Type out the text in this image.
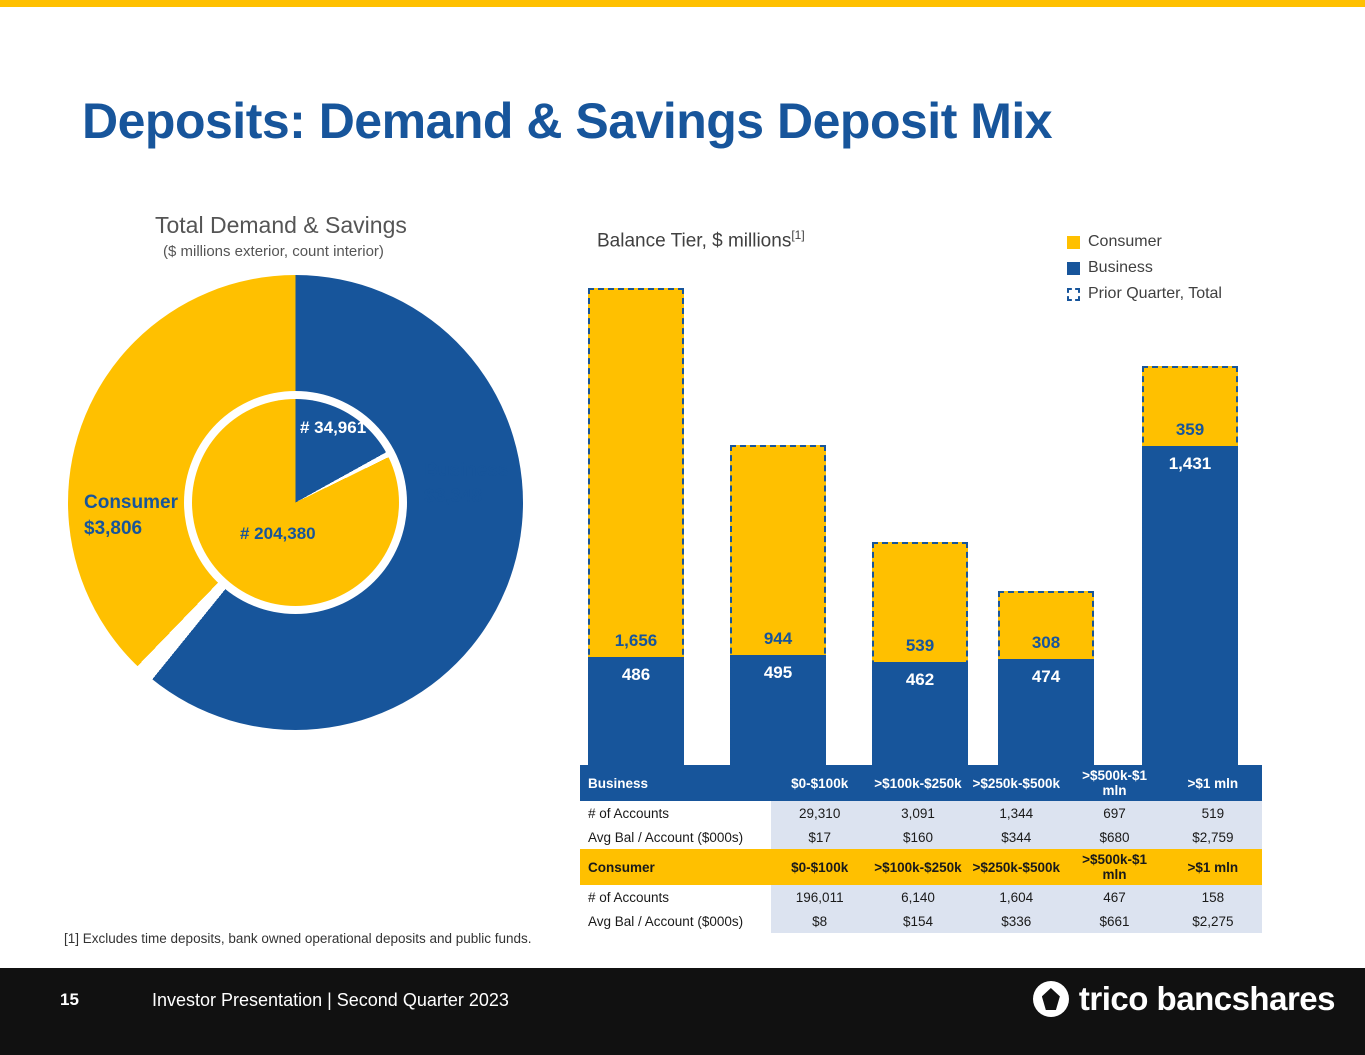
Deposits: Demand & Savings Deposit Mix
Total Demand & Savings
($ millions exterior, count interior)
# 34,961
# 204,380
Business
$3,348
Consumer
$3,806
Balance Tier, $ millions[1]	Consumer
Business
Prior Quarter, Total
1,656
486
944
495
539
462
308
474
359
1,431
Business	$0-$100k	>$100k-$250k	>$250k-$500k	>$500k-$1 mln	>$1 mln
# of Accounts	29,310	3,091	1,344	697	519
Avg Bal / Account ($000s)	$17	$160	$344	$680	$2,759
Consumer	$0-$100k	>$100k-$250k	>$250k-$500k	>$500k-$1 mln	>$1 mln
# of Accounts	196,011	6,140	1,604	467	158
Avg Bal / Account ($000s)	$8	$154	$336	$661	$2,275
[1] Excludes time deposits, bank owned operational deposits and public funds.
15	Investor Presentation | Second Quarter 2023	trico bancshares
